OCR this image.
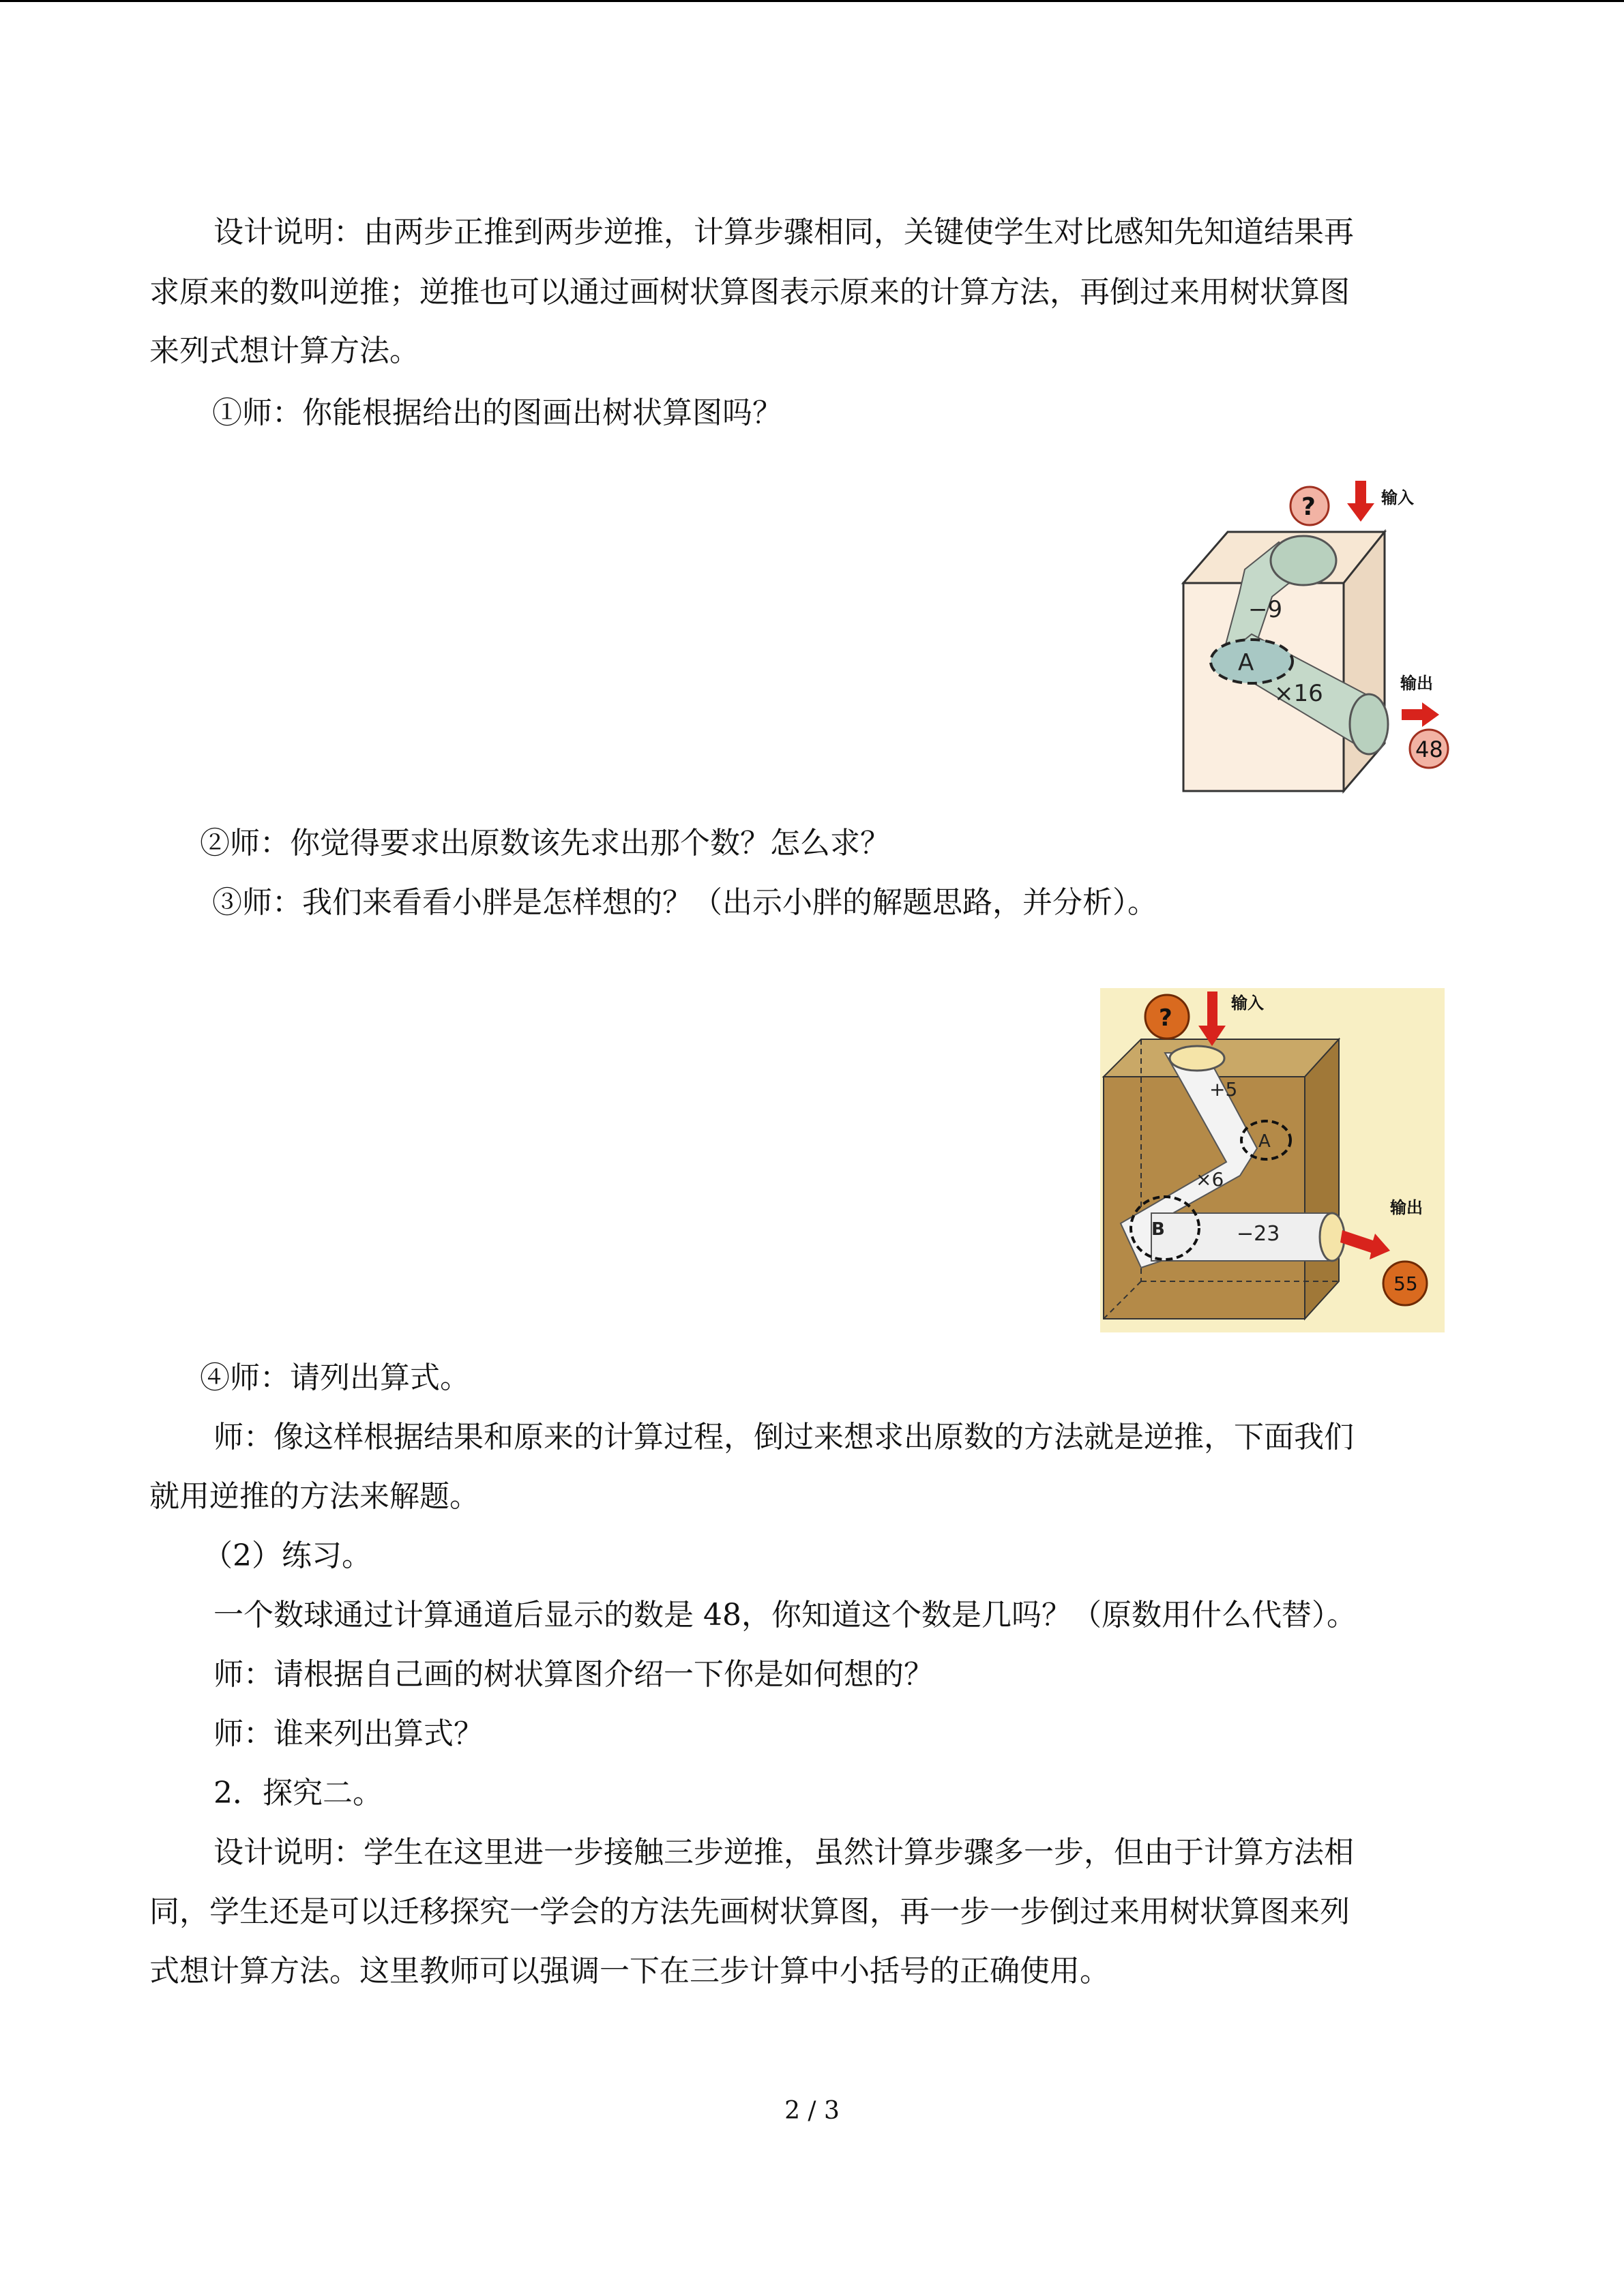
设计说明：由两步正推到两步逆推，计算步骤相同，关键使学生对比感知先知道结果再

求原来的数叫逆推；逆推也可以通过画树状算图表示原来的计算方法，再倒过来用树状算图

来列式想计算方法。

①师：你能根据给出的图画出树状算图吗？

A
−9
×16
?	输入
输出
48

②师：你觉得要求出原数该先求出那个数？怎么求？

③师：我们来看看小胖是怎样想的？（出示小胖的解题思路，并分析）。

A
B
+5
×6
−23
?
输入
输出
55

④师：请列出算式。

师：像这样根据结果和原来的计算过程，倒过来想求出原数的方法就是逆推，下面我们

就用逆推的方法来解题。

（2）练习。

一个数球通过计算通道后显示的数是 48，你知道这个数是几吗？（原数用什么代替）。

师：请根据自己画的树状算图介绍一下你是如何想的？

师：谁来列出算式？

2．探究二。

设计说明：学生在这里进一步接触三步逆推，虽然计算步骤多一步，但由于计算方法相

同，学生还是可以迁移探究一学会的方法先画树状算图，再一步一步倒过来用树状算图来列

式想计算方法。这里教师可以强调一下在三步计算中小括号的正确使用。

2 / 3
